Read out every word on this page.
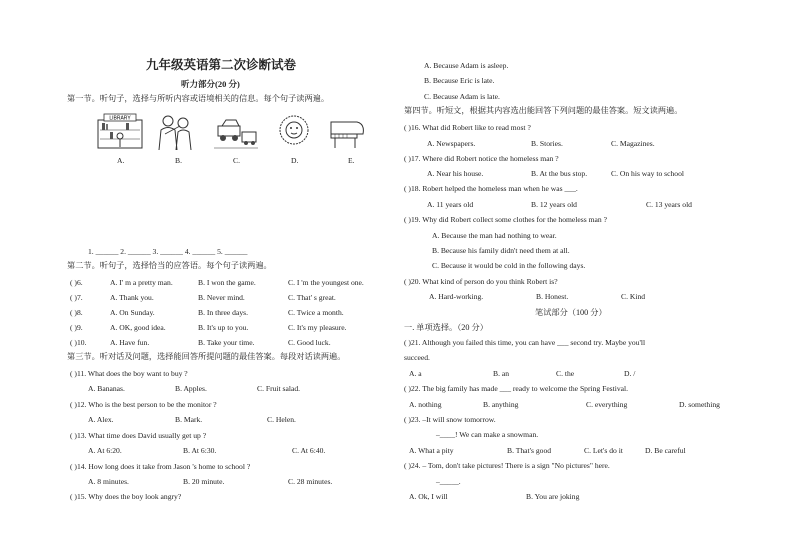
九年级英语第二次诊断试卷
听力部分(20 分)
第一节。听句子，选择与所听内容或语境相关的信息。每个句子读两遍。
LIBRARY
A.	B.	C.	D.	E.
1. ______ 2. ______ 3. ______ 4. ______ 5. ______
第二节。听句子，选择恰当的应答语。每个句子读两遍。
( )6.	A. I' m a pretty man.	B. I won the game.	C. I 'm the youngest one.
( )7.	A. Thank you.	B. Never mind.	C. That' s great.
( )8.	A. On Sunday.	B. In three days.	C. Twice a month.
( )9.	A. OK, good idea.	B. It's up to you.	C. It's my pleasure.
( )10.	A. Have fun.	B. Take your time.	C. Good luck.
第三节。听对话及问题，选择能回答所提问题的最佳答案。每段对话读两遍。
( )11. What does the boy want to buy ?
A. Bananas.	B. Apples.	C. Fruit salad.
( )12. Who is the best person to be the monitor ?
A. Alex.	B. Mark.	C. Helen.
( )13. What time does David usually get up ?
A. At 6:20.	B. At 6:30.	C. At 6:40.
( )14. How long does it take from Jason 's home to school ?
A. 8 minutes.	B. 20 minute.	C. 28 minutes.
( )15. Why does the boy look angry?
A. Because Adam is asleep.
B. Because Eric is late.
C. Because Adam is late.
第四节。听短文，根据其内容选出能回答下列问题的最佳答案。短文读两遍。
( )16. What did Robert like to read most ?
A. Newspapers.	B. Stories.	C. Magazines.
( )17. Where did Robert notice the homeless man ?
A. Near his house.	B. At the bus stop.	C. On his way to school
( )18. Robert helped the homeless man when he was ___.
A. 11 years old	B. 12 years old	C. 13 years old
( )19. Why did Robert collect some clothes for the homeless man ?
A. Because the man had nothing to wear.
B. Because his family didn't need them at all.
C. Because it would be cold in the following days.
( )20. What kind of person do you think Robert is?
A. Hard-working.	B. Honest.	C. Kind
笔试部分（100 分）
一. 单项选择。（20 分）
( )21. Although you failed this time, you can have ___ second try. Maybe you'll
succeed.
A. a	B. an	C. the	D. /
( )22. The big family has made ___ ready to welcome the Spring Festival.
A. nothing	B. anything	C. everything	D. something
( )23. –It will snow tomorrow.
–____! We can make a snowman.
A. What a pity	B. That's good	C. Let's do it	D. Be careful
( )24. – Tom, don't take pictures! There is a sign "No pictures" here.
–_____.
A. Ok, I will	B. You are joking
